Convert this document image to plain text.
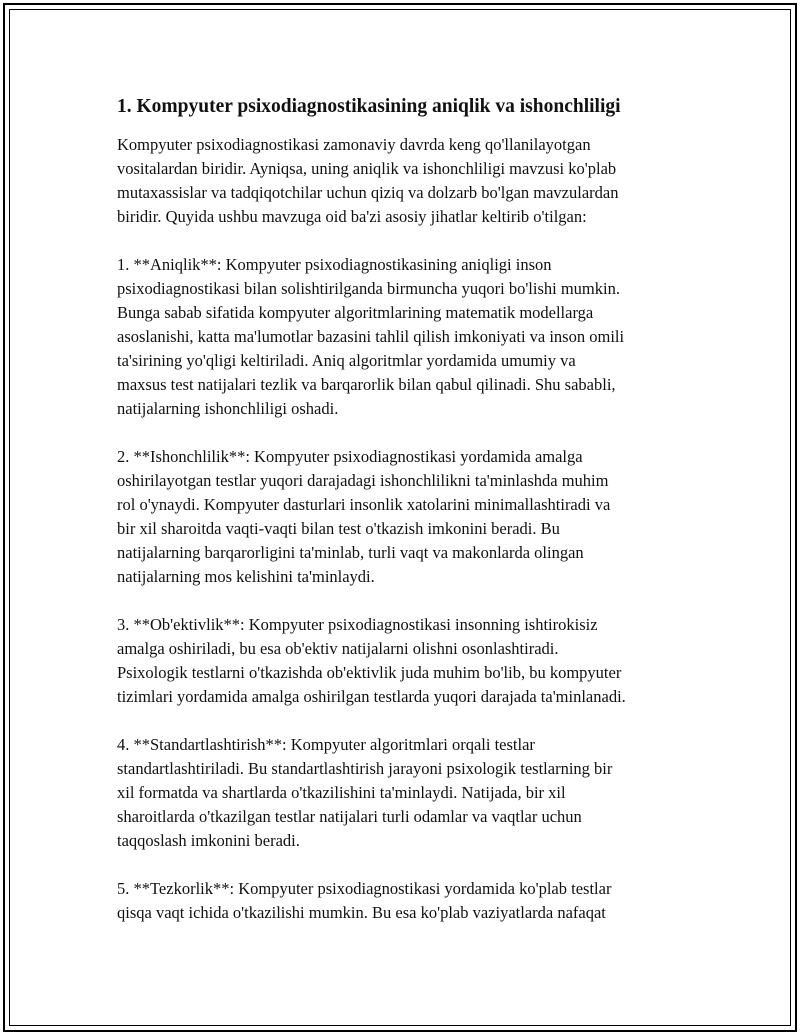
1. Kompyuter psixodiagnostikasining aniqlik va ishonchliligi

Kompyuter psixodiagnostikasi zamonaviy davrda keng qo'llanilayotgan
vositalardan biridir. Ayniqsa, uning aniqlik va ishonchliligi mavzusi ko'plab
mutaxassislar va tadqiqotchilar uchun qiziq va dolzarb bo'lgan mavzulardan
biridir. Quyida ushbu mavzuga oid ba'zi asosiy jihatlar keltirib o'tilgan:

1. **Aniqlik**: Kompyuter psixodiagnostikasining aniqligi inson
psixodiagnostikasi bilan solishtirilganda birmuncha yuqori bo'lishi mumkin.
Bunga sabab sifatida kompyuter algoritmlarining matematik modellarga
asoslanishi, katta ma'lumotlar bazasini tahlil qilish imkoniyati va inson omili
ta'sirining yo'qligi keltiriladi. Aniq algoritmlar yordamida umumiy va
maxsus test natijalari tezlik va barqarorlik bilan qabul qilinadi. Shu sababli,
natijalarning ishonchliligi oshadi.

2. **Ishonchlilik**: Kompyuter psixodiagnostikasi yordamida amalga
oshirilayotgan testlar yuqori darajadagi ishonchlilikni ta'minlashda muhim
rol o'ynaydi. Kompyuter dasturlari insonlik xatolarini minimallashtiradi va
bir xil sharoitda vaqti-vaqti bilan test o'tkazish imkonini beradi. Bu
natijalarning barqarorligini ta'minlab, turli vaqt va makonlarda olingan
natijalarning mos kelishini ta'minlaydi.

3. **Ob'ektivlik**: Kompyuter psixodiagnostikasi insonning ishtirokisiz
amalga oshiriladi, bu esa ob'ektiv natijalarni olishni osonlashtiradi.
Psixologik testlarni o'tkazishda ob'ektivlik juda muhim bo'lib, bu kompyuter
tizimlari yordamida amalga oshirilgan testlarda yuqori darajada ta'minlanadi.

4. **Standartlashtirish**: Kompyuter algoritmlari orqali testlar
standartlashtiriladi. Bu standartlashtirish jarayoni psixologik testlarning bir
xil formatda va shartlarda o'tkazilishini ta'minlaydi. Natijada, bir xil
sharoitlarda o'tkazilgan testlar natijalari turli odamlar va vaqtlar uchun
taqqoslash imkonini beradi.

5. **Tezkorlik**: Kompyuter psixodiagnostikasi yordamida ko'plab testlar
qisqa vaqt ichida o'tkazilishi mumkin. Bu esa ko'plab vaziyatlarda nafaqat
